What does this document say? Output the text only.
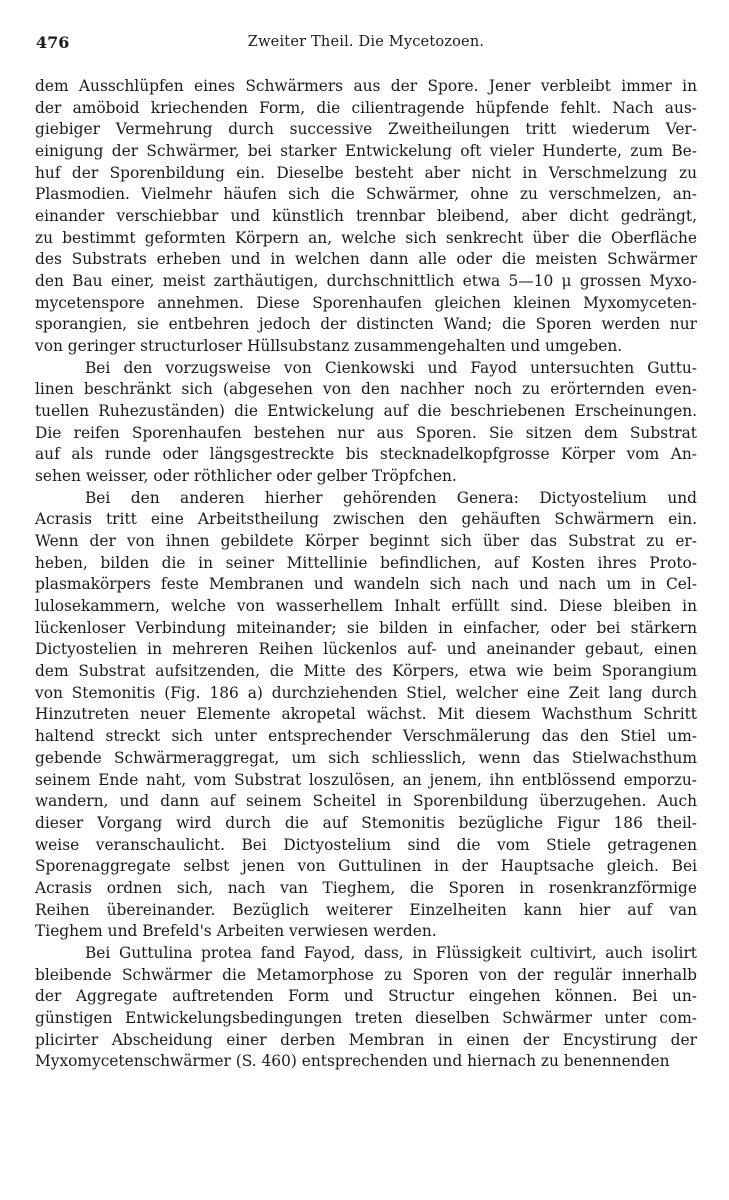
476	Zweiter Theil. Die Mycetozoen.
dem Ausschlüpfen eines Schwärmers aus der Spore. Jener verbleibt immer in
der amöboid kriechenden Form, die cilientragende hüpfende fehlt. Nach aus-
giebiger Vermehrung durch successive Zweitheilungen tritt wiederum Ver-
einigung der Schwärmer, bei starker Entwickelung oft vieler Hunderte, zum Be-
huf der Sporenbildung ein. Dieselbe besteht aber nicht in Verschmelzung zu
Plasmodien. Vielmehr häufen sich die Schwärmer, ohne zu verschmelzen, an-
einander verschiebbar und künstlich trennbar bleibend, aber dicht gedrängt,
zu bestimmt geformten Körpern an, welche sich senkrecht über die Oberfläche
des Substrats erheben und in welchen dann alle oder die meisten Schwärmer
den Bau einer, meist zarthäutigen, durchschnittlich etwa 5—10 μ grossen Myxo-
mycetenspore annehmen. Diese Sporenhaufen gleichen kleinen Myxomyceten-
sporangien, sie entbehren jedoch der distincten Wand; die Sporen werden nur
von geringer structurloser Hüllsubstanz zusammengehalten und umgeben.
Bei den vorzugsweise von Cienkowski und Fayod untersuchten Guttu-
linen beschränkt sich (abgesehen von den nachher noch zu erörternden even-
tuellen Ruhezuständen) die Entwickelung auf die beschriebenen Erscheinungen.
Die reifen Sporenhaufen bestehen nur aus Sporen. Sie sitzen dem Substrat
auf als runde oder längsgestreckte bis stecknadelkopfgrosse Körper vom An-
sehen weisser, oder röthlicher oder gelber Tröpfchen.
Bei den anderen hierher gehörenden Genera: Dictyostelium und
Acrasis tritt eine Arbeitstheilung zwischen den gehäuften Schwärmern ein.
Wenn der von ihnen gebildete Körper beginnt sich über das Substrat zu er-
heben, bilden die in seiner Mittellinie befindlichen, auf Kosten ihres Proto-
plasmakörpers feste Membranen und wandeln sich nach und nach um in Cel-
lulosekammern, welche von wasserhellem Inhalt erfüllt sind. Diese bleiben in
lückenloser Verbindung miteinander; sie bilden in einfacher, oder bei stärkern
Dictyostelien in mehreren Reihen lückenlos auf- und aneinander gebaut, einen
dem Substrat aufsitzenden, die Mitte des Körpers, etwa wie beim Sporangium
von Stemonitis (Fig. 186 a) durchziehenden Stiel, welcher eine Zeit lang durch
Hinzutreten neuer Elemente akropetal wächst. Mit diesem Wachsthum Schritt
haltend streckt sich unter entsprechender Verschmälerung das den Stiel um-
gebende Schwärmeraggregat, um sich schliesslich, wenn das Stielwachsthum
seinem Ende naht, vom Substrat loszulösen, an jenem, ihn entblössend emporzu-
wandern, und dann auf seinem Scheitel in Sporenbildung überzugehen. Auch
dieser Vorgang wird durch die auf Stemonitis bezügliche Figur 186 theil-
weise veranschaulicht. Bei Dictyostelium sind die vom Stiele getragenen
Sporenaggregate selbst jenen von Guttulinen in der Hauptsache gleich. Bei
Acrasis ordnen sich, nach van Tieghem, die Sporen in rosenkranzförmige
Reihen übereinander. Bezüglich weiterer Einzelheiten kann hier auf van
Tieghem und Brefeld's Arbeiten verwiesen werden.
Bei Guttulina protea fand Fayod, dass, in Flüssigkeit cultivirt, auch isolirt
bleibende Schwärmer die Metamorphose zu Sporen von der regulär innerhalb
der Aggregate auftretenden Form und Structur eingehen können. Bei un-
günstigen Entwickelungsbedingungen treten dieselben Schwärmer unter com-
plicirter Abscheidung einer derben Membran in einen der Encystirung der
Myxomycetenschwärmer (S. 460) entsprechenden und hiernach zu benennenden
